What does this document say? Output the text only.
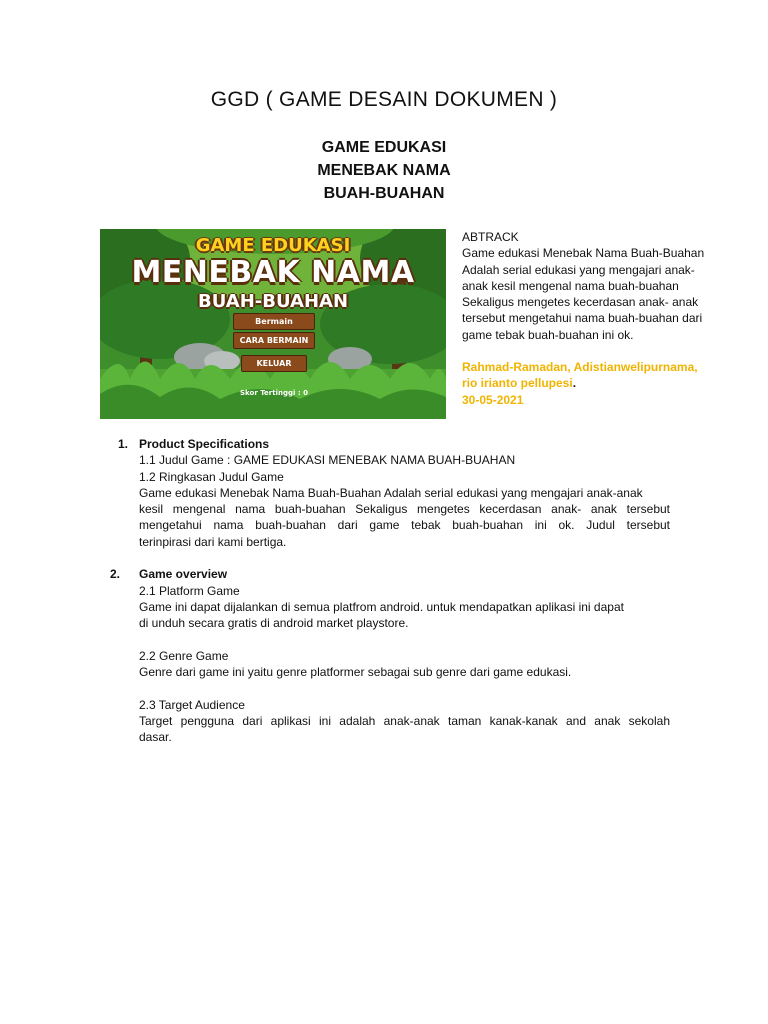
GGD ( GAME DESAIN DOKUMEN )
GAME EDUKASI
MENEBAK NAMA
BUAH-BUAHAN
GAME EDUKASI
MENEBAK NAMA
BUAH-BUAHAN
Bermain
CARA BERMAIN
KELUAR
Skor Tertinggi : 0

ABTRACK

Game edukasi Menebak Nama Buah-Buahan

Adalah serial edukasi yang mengajari anak-

anak kesil mengenal nama buah-buahan

Sekaligus mengetes kecerdasan anak- anak

tersebut mengetahui nama buah-buahan dari

game tebak buah-buahan ini ok.

Rahmad-Ramadan, Adistianwelipurnama,

rio irianto pellupesi.

30-05-2021

1. Product Specifications
1.1 Judul Game : GAME EDUKASI MENEBAK NAMA BUAH-BUAHAN
1.2 Ringkasan Judul Game
Game edukasi Menebak Nama Buah-Buahan Adalah serial edukasi yang mengajari anak-anak
kesil mengenal nama buah-buahan Sekaligus mengetes kecerdasan anak- anak tersebut
mengetahui nama buah-buahan dari game tebak buah-buahan ini ok. Judul tersebut
terinpirasi dari kami bertiga.
2.	Game overview
2.1 Platform Game
Game ini dapat dijalankan di semua platfrom android. untuk mendapatkan aplikasi ini dapat
di unduh secara gratis di android market playstore.
2.2 Genre Game
Genre dari game ini yaitu genre platformer sebagai sub genre dari game edukasi.
2.3 Target Audience
Target pengguna dari aplikasi ini adalah anak-anak taman kanak-kanak and anak sekolah
dasar.
